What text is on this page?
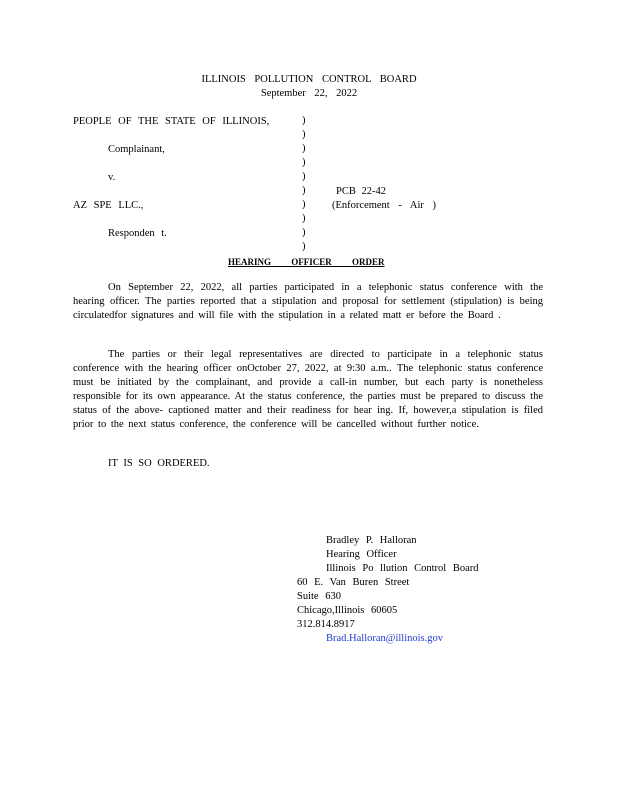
ILLINOIS POLLUTION CONTROL BOARD
September 22, 2022
PEOPLE OF THE STATE OF ILLINOIS,
Complainant,
v.
AZ SPE LLC.,
Responden t.
)
)
)
)
)
)
)
)
)
)
PCB 22-42
(Enforcement - Air )
HEARING OFFICER ORDER
On September 22, 2022, all parties participated in a telephonic status conference with the hearing officer. The parties reported that a stipulation and proposal for settlement (stipulation) is being circulatedfor signatures and will file with the stipulation in a related matt er before the Board .
The parties or their legal representatives are directed to participate in a telephonic status conference with the hearing officer onOctober 27, 2022, at 9:30 a.m.. The telephonic status conference must be initiated by the complainant, and provide a call-in number, but each party is nonetheless responsible for its own appearance. At the status conference, the parties must be prepared to discuss the status of the above- captioned matter and their readiness for hear ing. If, however,a stipulation is filed prior to the next status conference, the conference will be cancelled without further notice.
IT IS SO ORDERED.
Bradley P. Halloran
Hearing Officer
Illinois Po llution Control Board
60 E. Van Buren Street
Suite 630
Chicago,Illinois 60605
312.814.8917
Brad.Halloran@illinois.gov
